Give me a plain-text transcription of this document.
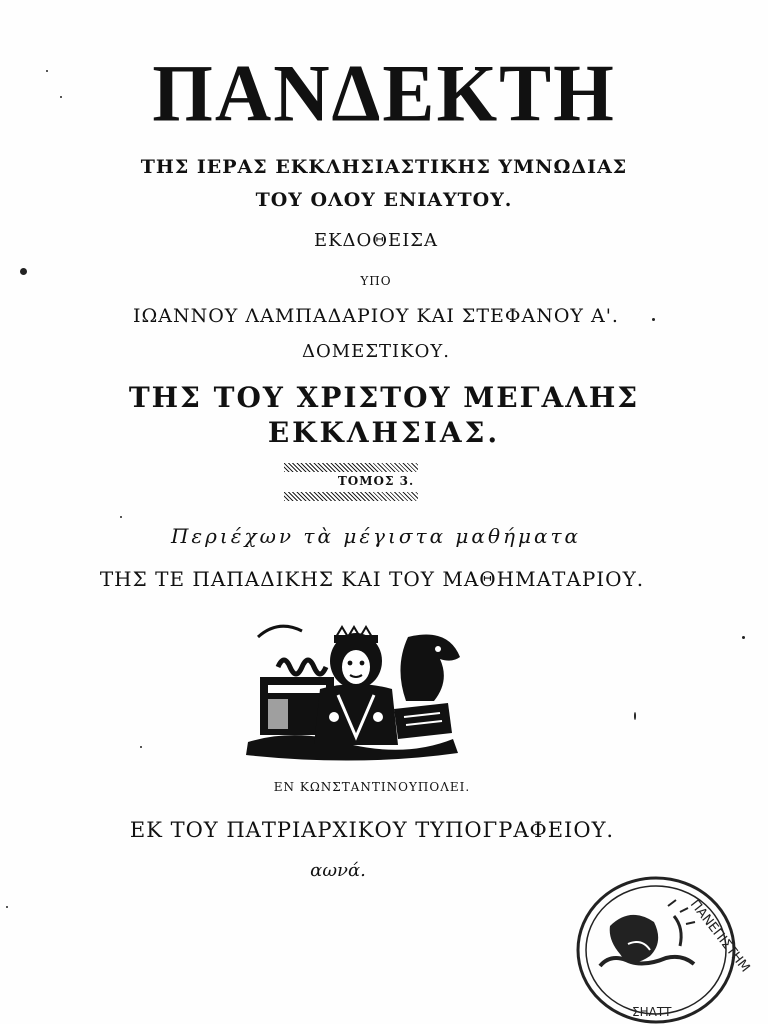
ΠΑΝΔΕΚΤΗ
ΤΗΣ ΙΕΡΑΣ ΕΚΚΛΗΣΙΑΣΤΙΚΗΣ ΥΜΝΩΔΙΑΣ
ΤΟΥ ΟΛΟΥ ΕΝΙΑΥΤΟΥ.
ΕΚΔΟΘΕΙΣΑ
ΥΠΟ
ΙΩΑΝΝΟΥ ΛΑΜΠΑΔΑΡΙΟΥ ΚΑΙ ΣΤΕΦΑΝΟΥ Α'.
ΔΟΜΕΣΤΙΚΟΥ.
ΤΗΣ ΤΟΥ ΧΡΙΣΤΟΥ ΜΕΓΑΛΗΣ
ΕΚΚΛΗΣΙΑΣ.
ΤΟΜΟΣ 3.
Περιέχων τὰ μέγιστα μαθήματα
ΤΗΣ ΤΕ ΠΑΠΑΔΙΚΗΣ ΚΑΙ ΤΟΥ ΜΑΘΗΜΑΤΑΡΙΟΥ.
ΕΝ ΚΩΝΣΤΑΝΤΙΝΟΥΠΟΛΕΙ.
ΕΚ ΤΟΥ ΠΑΤΡΙΑΡΧΙΚΟΥ ΤΥΠΟΓΡΑΦΕΙΟΥ.
αωνά.
ΠΑΝΕΠΙΣΤΗΜ
ΣΗΛΤΤ
